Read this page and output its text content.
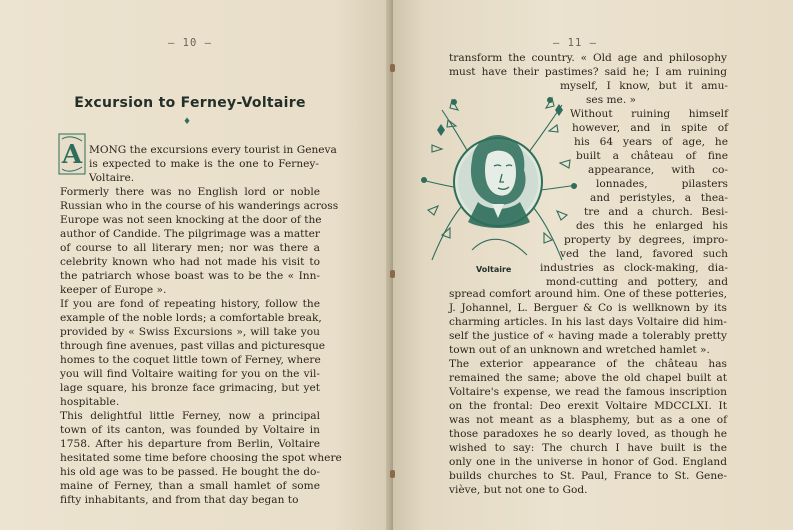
— 10 —
Excursion to Ferney-Voltaire
♦
A MONG the excursions every tourist in Geneva
is expected to make is the one to Ferney-
Voltaire.
Formerly there was no English lord or noble
Russian who in the course of his wanderings across
Europe was not seen knocking at the door of the
author of Candide. The pilgrimage was a matter
of course to all literary men; nor was there a
celebrity known who had not made his visit to
the patriarch whose boast was to be the « Inn-
keeper of Europe ».
If you are fond of repeating history, follow the
example of the noble lords; a comfortable break,
provided by « Swiss Excursions », will take you
through fine avenues, past villas and picturesque
homes to the coquet little town of Ferney, where
you will find Voltaire waiting for you on the vil-
lage square, his bronze face grimacing, but yet
hospitable.
This delightful little Ferney, now a principal
town of its canton, was founded by Voltaire in
1758. After his departure from Berlin, Voltaire
hesitated some time before choosing the spot where
his old age was to be passed. He bought the do-
maine of Ferney, than a small hamlet of some
fifty inhabitants, and from that day began to
— 11 —
transform the country. « Old age and philosophy
must have their pastimes? said he; I am ruining
Voltaire
myself, I know, but it amu-
ses me. »
Without ruining himself
however, and in spite of
his 64 years of age, he
built a château of fine
appearance, with co-
lonnades, pilasters
and peristyles, a thea-
tre and a church. Besi-
des this he enlarged his
property by degrees, impro-
ved the land, favored such
industries as clock-making, dia-
mond-cutting and pottery, and
spread comfort around him. One of these potteries,
J. Johannel, L. Berguer & Co is wellknown by its
charming articles. In his last days Voltaire did him-
self the justice of « having made a tolerably pretty
town out of an unknown and wretched hamlet ».
The exterior appearance of the château has
remained the same; above the old chapel built at
Voltaire's expense, we read the famous inscription
on the frontal: Deo erexit Voltaire MDCCLXI. It
was not meant as a blasphemy, but as a one of
those paradoxes he so dearly loved, as though he
wished to say: The church I have built is the
only one in the universe in honor of God. England
builds churches to St. Paul, France to St. Gene-
viève, but not one to God.
